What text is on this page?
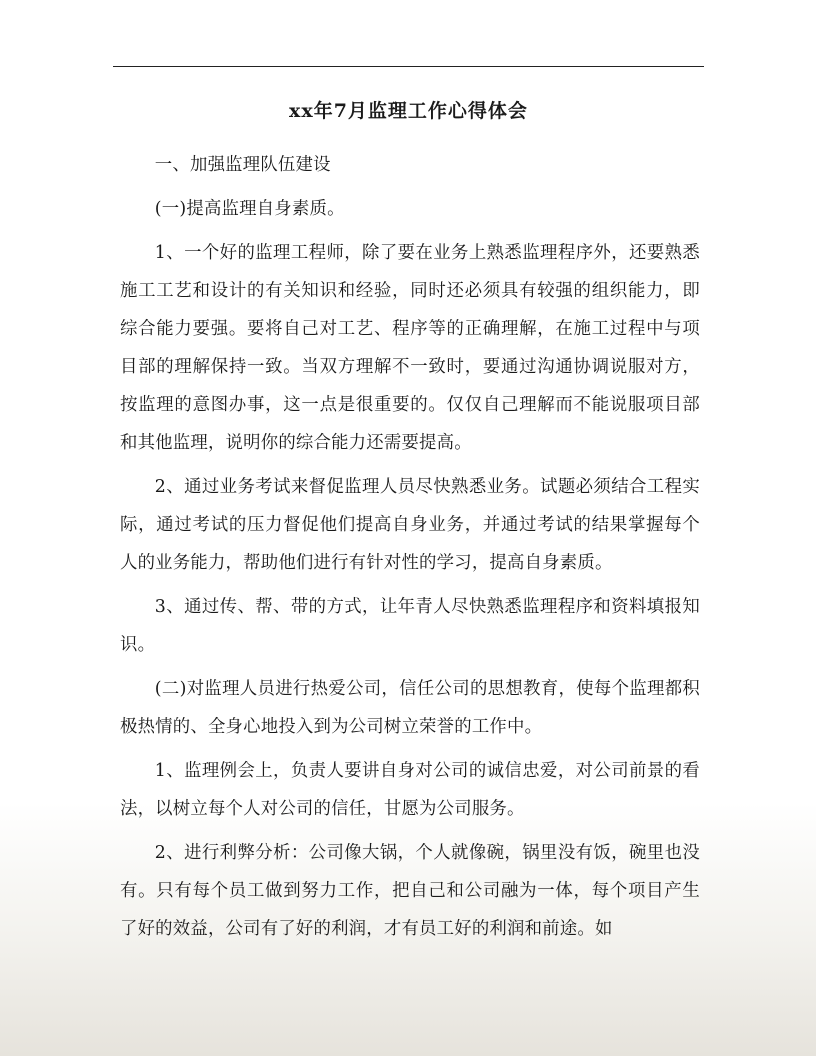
xx年7月监理工作心得体会

一、加强监理队伍建设

(一)提高监理自身素质。

1、一个好的监理工程师，除了要在业务上熟悉监理程序外，还要熟悉施工工艺和设计的有关知识和经验，同时还必须具有较强的组织能力，即综合能力要强。要将自己对工艺、程序等的正确理解，在施工过程中与项目部的理解保持一致。当双方理解不一致时，要通过沟通协调说服对方，按监理的意图办事，这一点是很重要的。仅仅自己理解而不能说服项目部和其他监理，说明你的综合能力还需要提高。

2、通过业务考试来督促监理人员尽快熟悉业务。试题必须结合工程实际，通过考试的压力督促他们提高自身业务，并通过考试的结果掌握每个人的业务能力，帮助他们进行有针对性的学习，提高自身素质。

3、通过传、帮、带的方式，让年青人尽快熟悉监理程序和资料填报知识。

(二)对监理人员进行热爱公司，信任公司的思想教育，使每个监理都积极热情的、全身心地投入到为公司树立荣誉的工作中。

1、监理例会上，负责人要讲自身对公司的诚信忠爱，对公司前景的看法，以树立每个人对公司的信任，甘愿为公司服务。

2、进行利弊分析：公司像大锅，个人就像碗，锅里没有饭，碗里也没有。只有每个员工做到努力工作，把自己和公司融为一体，每个项目产生了好的效益，公司有了好的利润，才有员工好的利润和前途。如
